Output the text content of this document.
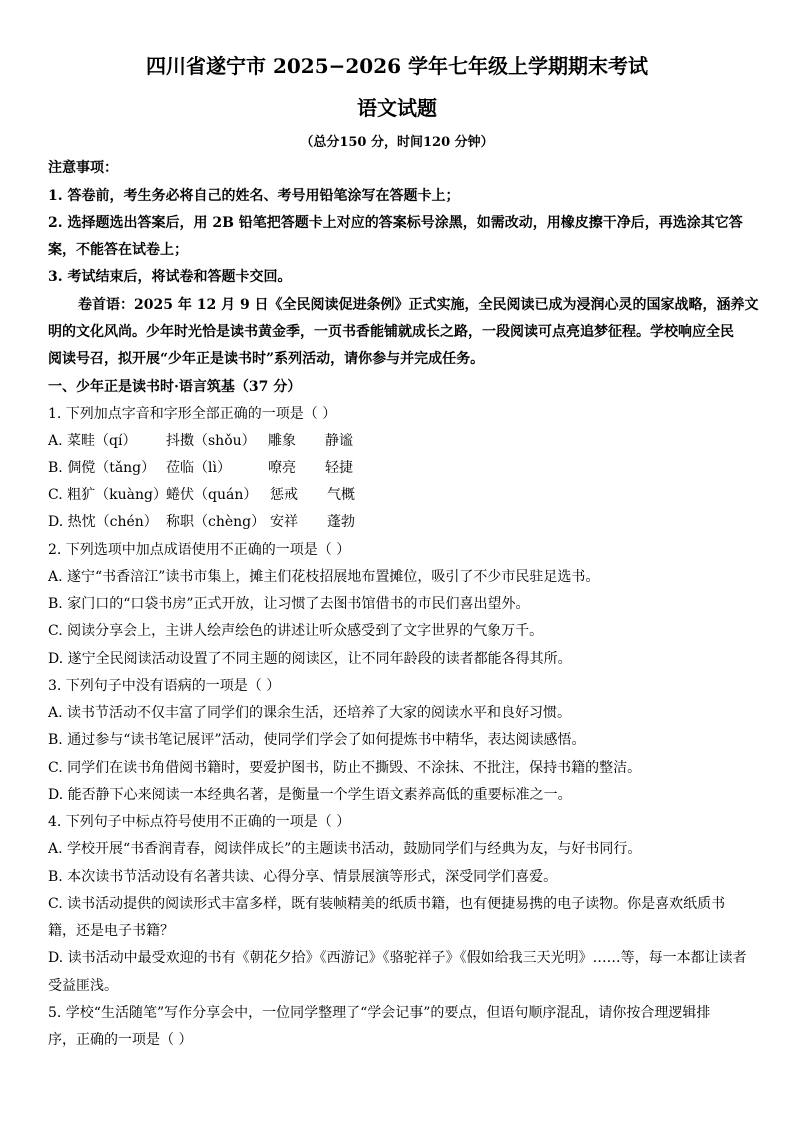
四川省遂宁市 2025−2026 学年七年级上学期期末考试
语文试题
（总分150 分，时间120 分钟）
注意事项：
1. 答卷前，考生务必将自己的姓名、考号用铅笔涂写在答题卡上；
2. 选择题选出答案后，用 2B 铅笔把答题卡上对应的答案标号涂黑，如需改动，用橡皮擦干净后，再选涂其它答
案，不能答在试卷上；
3. 考试结束后，将试卷和答题卡交回。
卷首语：2025 年 12 月 9 日《全民阅读促进条例》正式实施，全民阅读已成为浸润心灵的国家战略，涵养文
明的文化风尚。少年时光恰是读书黄金季，一页书香能铺就成长之路，一段阅读可点亮追梦征程。学校响应全民
阅读号召，拟开展“少年正是读书时”系列活动，请你参与并完成任务。
一、少年正是读书时·语言筑基（37 分）
1. 下列加点字音和字形全部正确的一项是（ ）
A. 菜畦（qí） 抖擞（shǒu） 雕象 静谧
B. 倜傥（tǎng） 莅临（lì）	嘹亮 轻捷
C. 粗犷（kuàng） 蜷伏（quán） 惩戒 气概
D. 热忱（chén） 称职（chèng） 安祥 蓬勃
2. 下列选项中加点成语使用不正确的一项是（ ）
A. 遂宁“书香涪江”读书市集上，摊主们花枝招展地布置摊位，吸引了不少市民驻足选书。
B. 家门口的“口袋书房”正式开放，让习惯了去图书馆借书的市民们喜出望外。
C. 阅读分享会上，主讲人绘声绘色的讲述让听众感受到了文字世界的气象万千。
D. 遂宁全民阅读活动设置了不同主题的阅读区，让不同年龄段的读者都能各得其所。
3. 下列句子中没有语病的一项是（ ）
A. 读书节活动不仅丰富了同学们的课余生活，还培养了大家的阅读水平和良好习惯。
B. 通过参与“读书笔记展评”活动，使同学们学会了如何提炼书中精华，表达阅读感悟。
C. 同学们在读书角借阅书籍时，要爱护图书，防止不撕毁、不涂抹、不批注，保持书籍的整洁。
D. 能否静下心来阅读一本经典名著，是衡量一个学生语文素养高低的重要标准之一。
4. 下列句子中标点符号使用不正确的一项是（ ）
A. 学校开展“书香润青春，阅读伴成长”的主题读书活动，鼓励同学们与经典为友，与好书同行。
B. 本次读书节活动设有名著共读、心得分享、情景展演等形式，深受同学们喜爱。
C. 读书活动提供的阅读形式丰富多样，既有装帧精美的纸质书籍，也有便捷易携的电子读物。你是喜欢纸质书
籍，还是电子书籍？
D. 读书活动中最受欢迎的书有《朝花夕拾》《西游记》《骆驼祥子》《假如给我三天光明》……等，每一本都让读者
受益匪浅。
5. 学校“生活随笔”写作分享会中，一位同学整理了“学会记事”的要点，但语句顺序混乱，请你按合理逻辑排
序，正确的一项是（ ）
